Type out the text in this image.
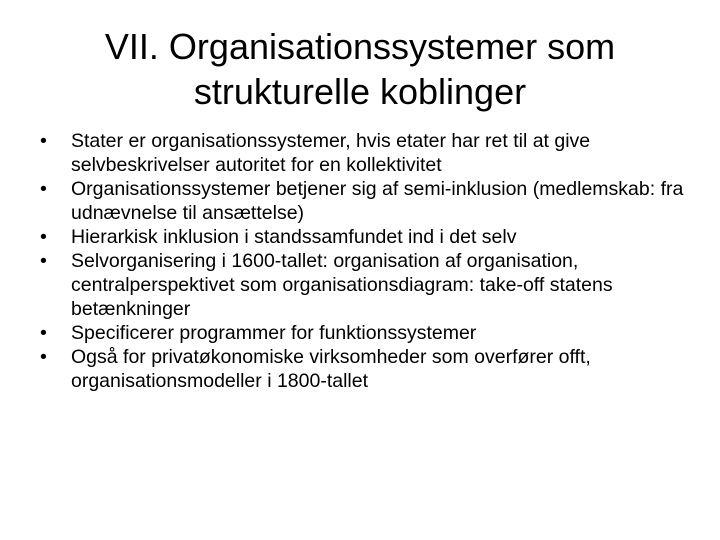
VII. Organisationssystemer som
strukturelle koblinger
•	Stater er organisationssystemer, hvis etater har ret til at give selvbeskrivelser autoritet for en kollektivitet
•	Organisationssystemer betjener sig af semi-inklusion (medlemskab: fra udnævnelse til ansættelse)
•	Hierarkisk inklusion i standssamfundet ind i det selv
•	Selvorganisering i 1600-tallet: organisation af organisation, centralperspektivet som organisationsdiagram: take-off statens betænkninger
•	Specificerer programmer for funktionssystemer
•	Også for privatøkonomiske virksomheder som overfører offt, organisationsmodeller i 1800-tallet
